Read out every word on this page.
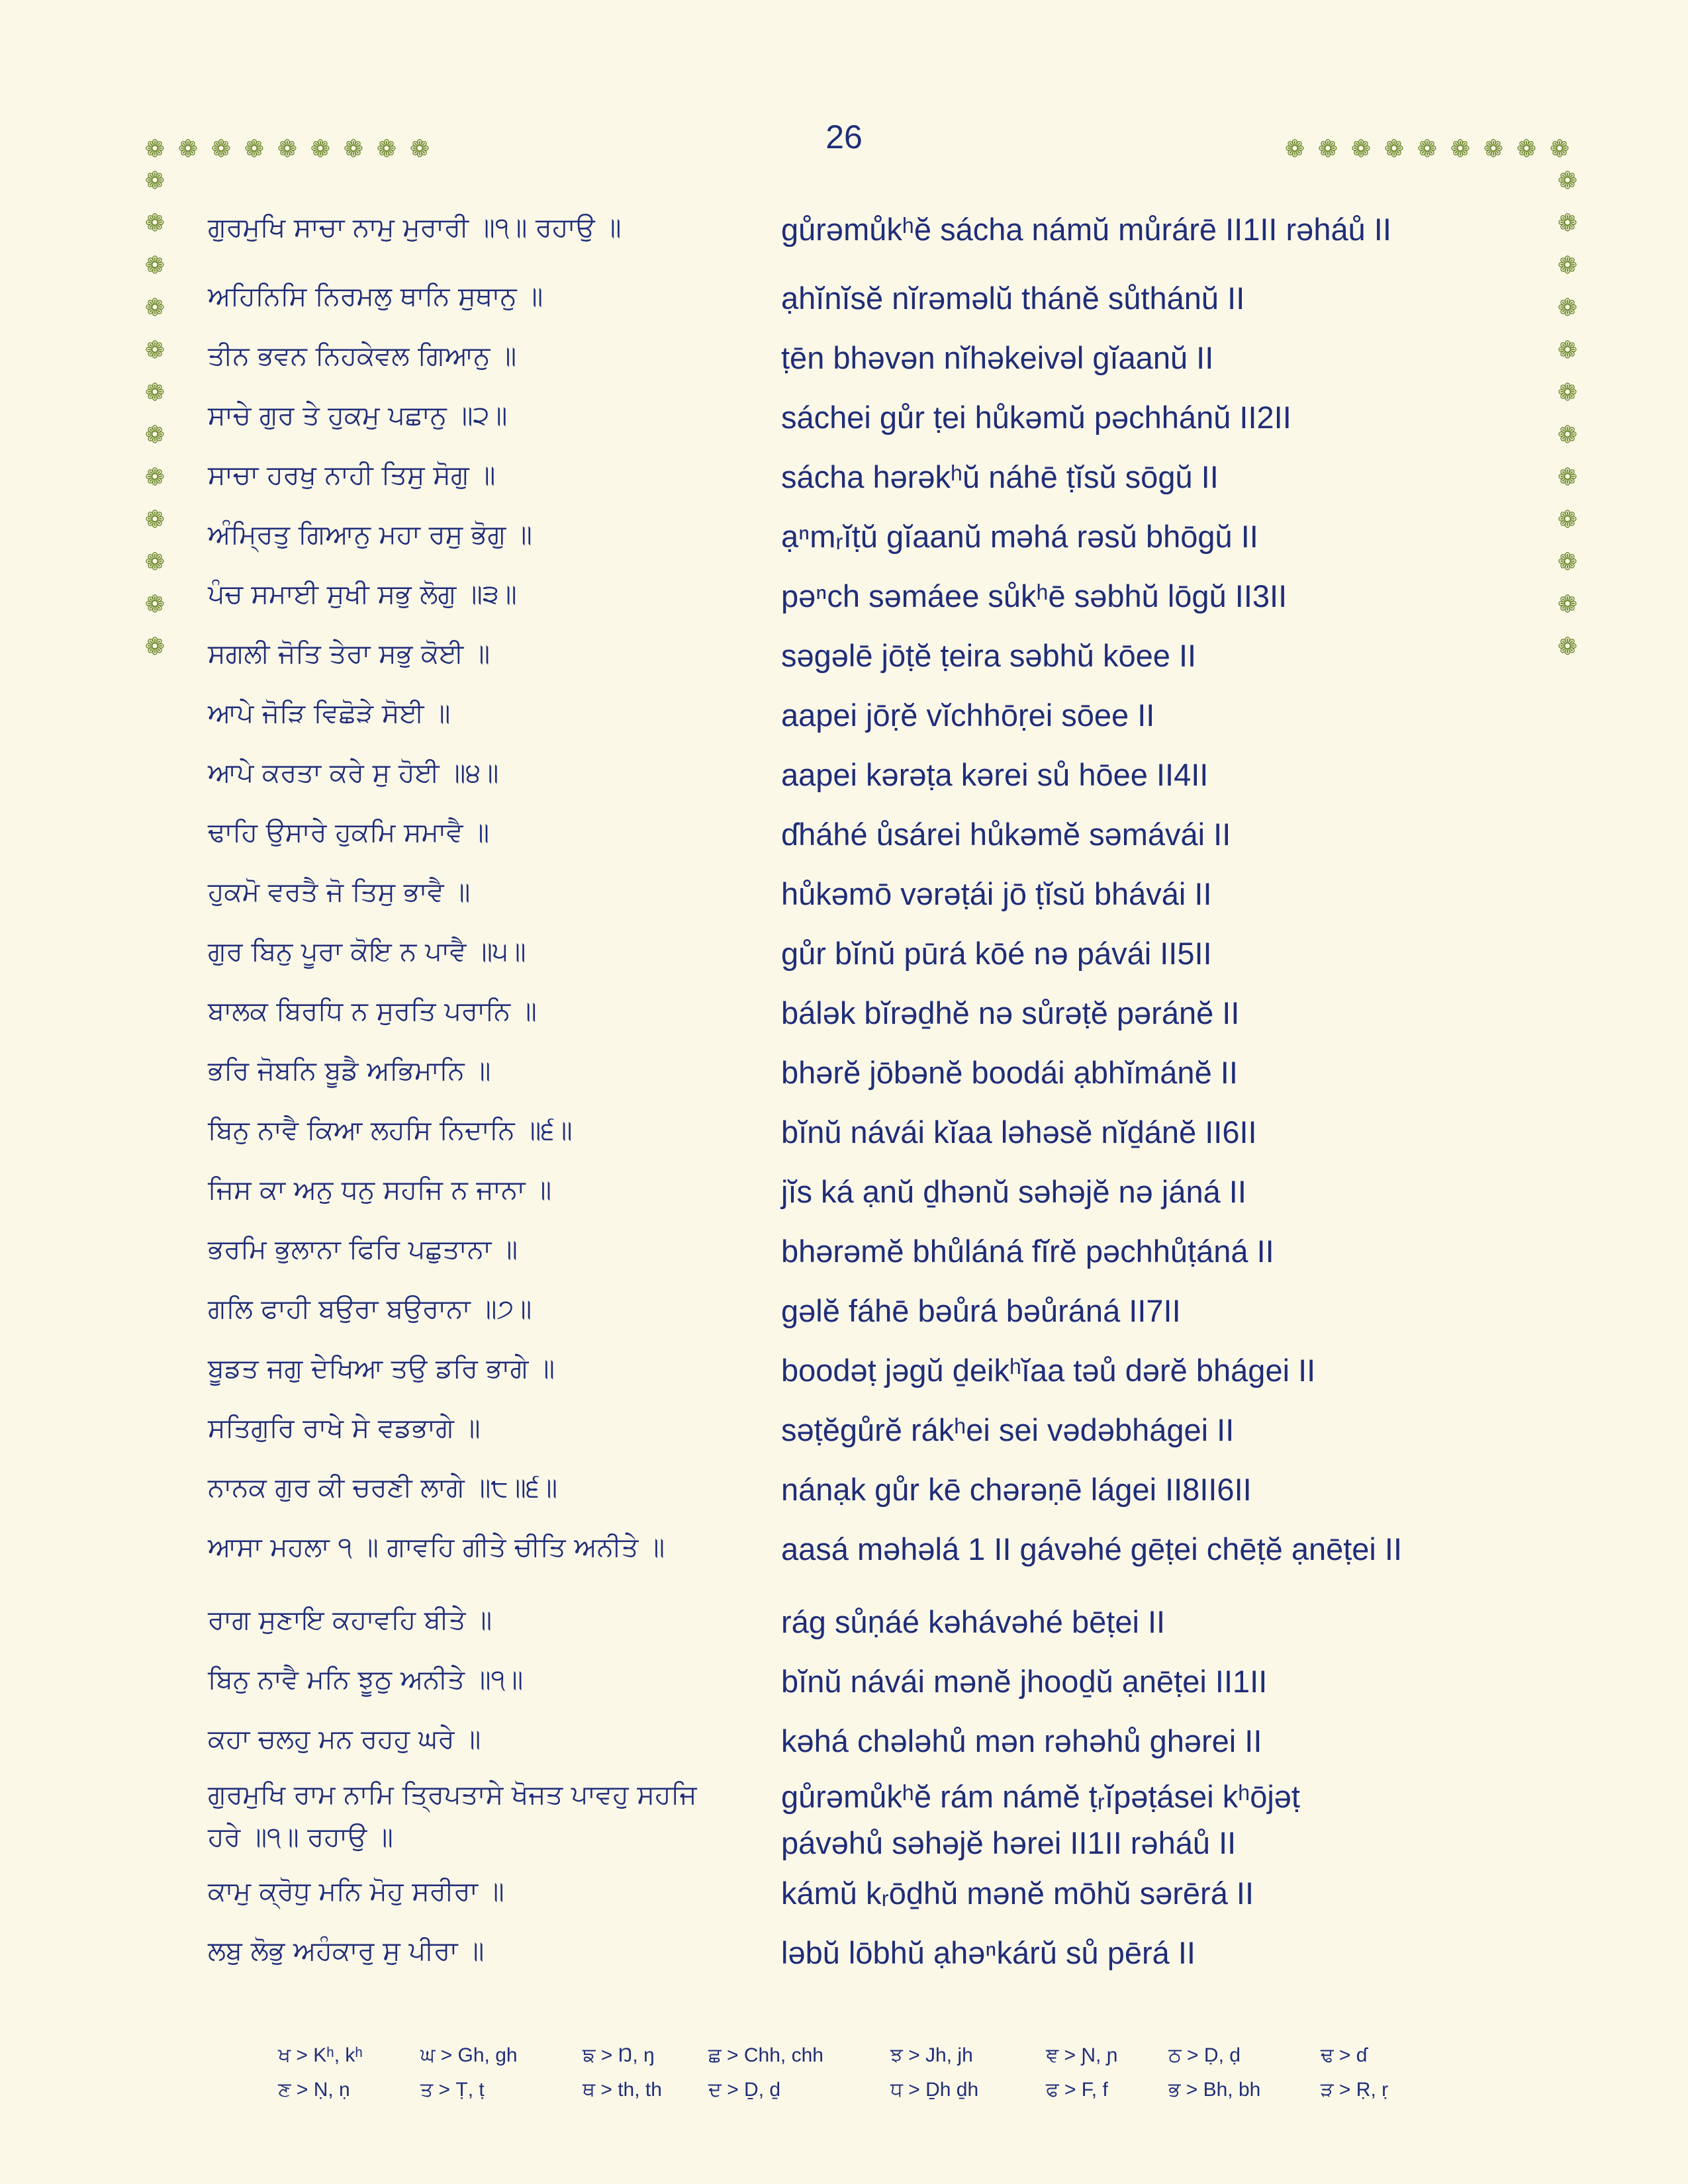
26
❁ ❁ ❁ ❁ ❁ ❁ ❁ ❁ ❁	❁ ❁ ❁ ❁ ❁ ❁ ❁ ❁ ❁
❁
❁
❁
❁
❁
❁
❁
❁
❁
❁
❁
❁
❁
❁
❁
❁
❁
❁
❁
❁
❁
❁
❁
❁
ਗੁਰਮੁਖਿ ਸਾਚਾ ਨਾਮੁ ਮੁਰਾਰੀ ॥੧॥ ਰਹਾਉ ॥	gůrəmůkʰĕ sácha námŭ můrárē II1II rəháů II
ਅਹਿਨਿਸਿ ਨਿਰਮਲੁ ਥਾਨਿ ਸੁਥਾਨੁ ॥	ạhĭnĭsĕ nĭrəməlŭ thánĕ sůthánŭ II
ਤੀਨ ਭਵਨ ਨਿਹਕੇਵਲ ਗਿਆਨੁ ॥	ṭēn bhəvən nĭhəkeivəl gĭaanŭ II
ਸਾਚੇ ਗੁਰ ਤੇ ਹੁਕਮੁ ਪਛਾਨੁ ॥੨॥	sáchei gůr ṭei hůkəmŭ pəchhánŭ II2II
ਸਾਚਾ ਹਰਖੁ ਨਾਹੀ ਤਿਸੁ ਸੋਗੁ ॥	sácha hərəkʰŭ náhē ṭĭsŭ sōgŭ II
ਅੰਮ੍ਰਿਤੁ ਗਿਆਨੁ ਮਹਾ ਰਸੁ ਭੋਗੁ ॥	ạⁿmᵣĭṭŭ gĭaanŭ məhá rəsŭ bhōgŭ II
ਪੰਚ ਸਮਾਈ ਸੁਖੀ ਸਭੁ ਲੋਗੁ ॥੩॥	pəⁿch səmáee sůkʰē səbhŭ lōgŭ II3II
ਸਗਲੀ ਜੋਤਿ ਤੇਰਾ ਸਭੁ ਕੋਈ ॥	səgəlē jōṭĕ ṭeira səbhŭ kōee II
ਆਪੇ ਜੋੜਿ ਵਿਛੋੜੇ ਸੋਈ ॥	aapei jōṛĕ vĭchhōṛei sōee II
ਆਪੇ ਕਰਤਾ ਕਰੇ ਸੁ ਹੋਈ ॥੪॥	aapei kərəṭa kərei sů hōee II4II
ਢਾਹਿ ਉਸਾਰੇ ਹੁਕਮਿ ਸਮਾਵੈ ॥	ɗháhé ůsárei hůkəmĕ səmávái II
ਹੁਕਮੋ ਵਰਤੈ ਜੋ ਤਿਸੁ ਭਾਵੈ ॥	hůkəmō vərəṭái jō ṭĭsŭ bhávái II
ਗੁਰ ਬਿਨੁ ਪੂਰਾ ਕੋਇ ਨ ਪਾਵੈ ॥੫॥	gůr bĭnŭ pūrá kōé nə pávái II5II
ਬਾਲਕ ਬਿਰਧਿ ਨ ਸੁਰਤਿ ਪਰਾਨਿ ॥	bálək bĭrəḏhĕ nə sůrəṭĕ pəránĕ II
ਭਰਿ ਜੋਬਨਿ ਬੂਡੈ ਅਭਿਮਾਨਿ ॥	bhərĕ jōbənĕ boodái ạbhĭmánĕ II
ਬਿਨੁ ਨਾਵੈ ਕਿਆ ਲਹਸਿ ਨਿਦਾਨਿ ॥੬॥	bĭnŭ návái kĭaa ləhəsĕ nĭḏánĕ II6II
ਜਿਸ ਕਾ ਅਨੁ ਧਨੁ ਸਹਜਿ ਨ ਜਾਨਾ ॥	jĭs ká ạnŭ ḏhənŭ səhəjĕ nə jáná II
ਭਰਮਿ ਭੁਲਾਨਾ ਫਿਰਿ ਪਛੁਤਾਨਾ ॥	bhərəmĕ bhůláná fĭrĕ pəchhůṭáná II
ਗਲਿ ਫਾਹੀ ਬਉਰਾ ਬਉਰਾਨਾ ॥੭॥	gəlĕ fáhē bəůrá bəůráná II7II
ਬੂਡਤ ਜਗੁ ਦੇਖਿਆ ਤਉ ਡਰਿ ਭਾਗੇ ॥	boodəṭ jəgŭ ḏeikʰĭaa təů dərĕ bhágei II
ਸਤਿਗੁਰਿ ਰਾਖੇ ਸੇ ਵਡਭਾਗੇ ॥	səṭĕgůrĕ rákʰei sei vədəbhágei II
ਨਾਨਕ ਗੁਰ ਕੀ ਚਰਣੀ ਲਾਗੇ ॥੮॥੬॥	nánạk gůr kē chərəṇē lágei II8II6II
ਆਸਾ ਮਹਲਾ ੧ ॥ ਗਾਵਹਿ ਗੀਤੇ ਚੀਤਿ ਅਨੀਤੇ ॥	aasá məhəlá 1 II gávəhé gēṭei chēṭĕ ạnēṭei II
ਰਾਗ ਸੁਣਾਇ ਕਹਾਵਹਿ ਬੀਤੇ ॥	rág sůṇáé kəhávəhé bēṭei II
ਬਿਨੁ ਨਾਵੈ ਮਨਿ ਝੂਠੁ ਅਨੀਤੇ ॥੧॥	bĭnŭ návái mənĕ jhooḏŭ ạnēṭei II1II
ਕਹਾ ਚਲਹੁ ਮਨ ਰਹਹੁ ਘਰੇ ॥	kəhá chələhů mən rəhəhů ghərei II
ਗੁਰਮੁਖਿ ਰਾਮ ਨਾਮਿ ਤ੍ਰਿਪਤਾਸੇ ਖੋਜਤ ਪਾਵਹੁ ਸਹਜਿ	gůrəmůkʰĕ rám námĕ ṭᵣĭpəṭásei kʰōjəṭ
ਹਰੇ ॥੧॥ ਰਹਾਉ ॥	pávəhů səhəjĕ hərei II1II rəháů II
ਕਾਮੁ ਕ੍ਰੋਧੁ ਮਨਿ ਮੋਹੁ ਸਰੀਰਾ ॥	kámŭ kᵣōḏhŭ mənĕ mōhŭ sərērá II
ਲਬੁ ਲੋਭੁ ਅਹੰਕਾਰੁ ਸੁ ਪੀਰਾ ॥	ləbŭ lōbhŭ ạhəⁿkárŭ sů pērá II
ਖ > Kʰ, kʰ	ਘ > Gh, gh	ਙ > Ŋ, ŋ	ਛ > Chh, chh	ਝ > Jh, jh	ਞ > Ɲ, ɲ	ਠ > Ḍ, ḍ	ਢ > ɗ
ਣ > Ṇ, ṇ	ਤ > Ṭ, ṭ	ਥ > th, th ਦ > Ḏ, ḏ	ਧ > Ḏh ḏh	ਫ > F, f	ਭ > Bh, bh	ੜ > Ṛ, ṛ
